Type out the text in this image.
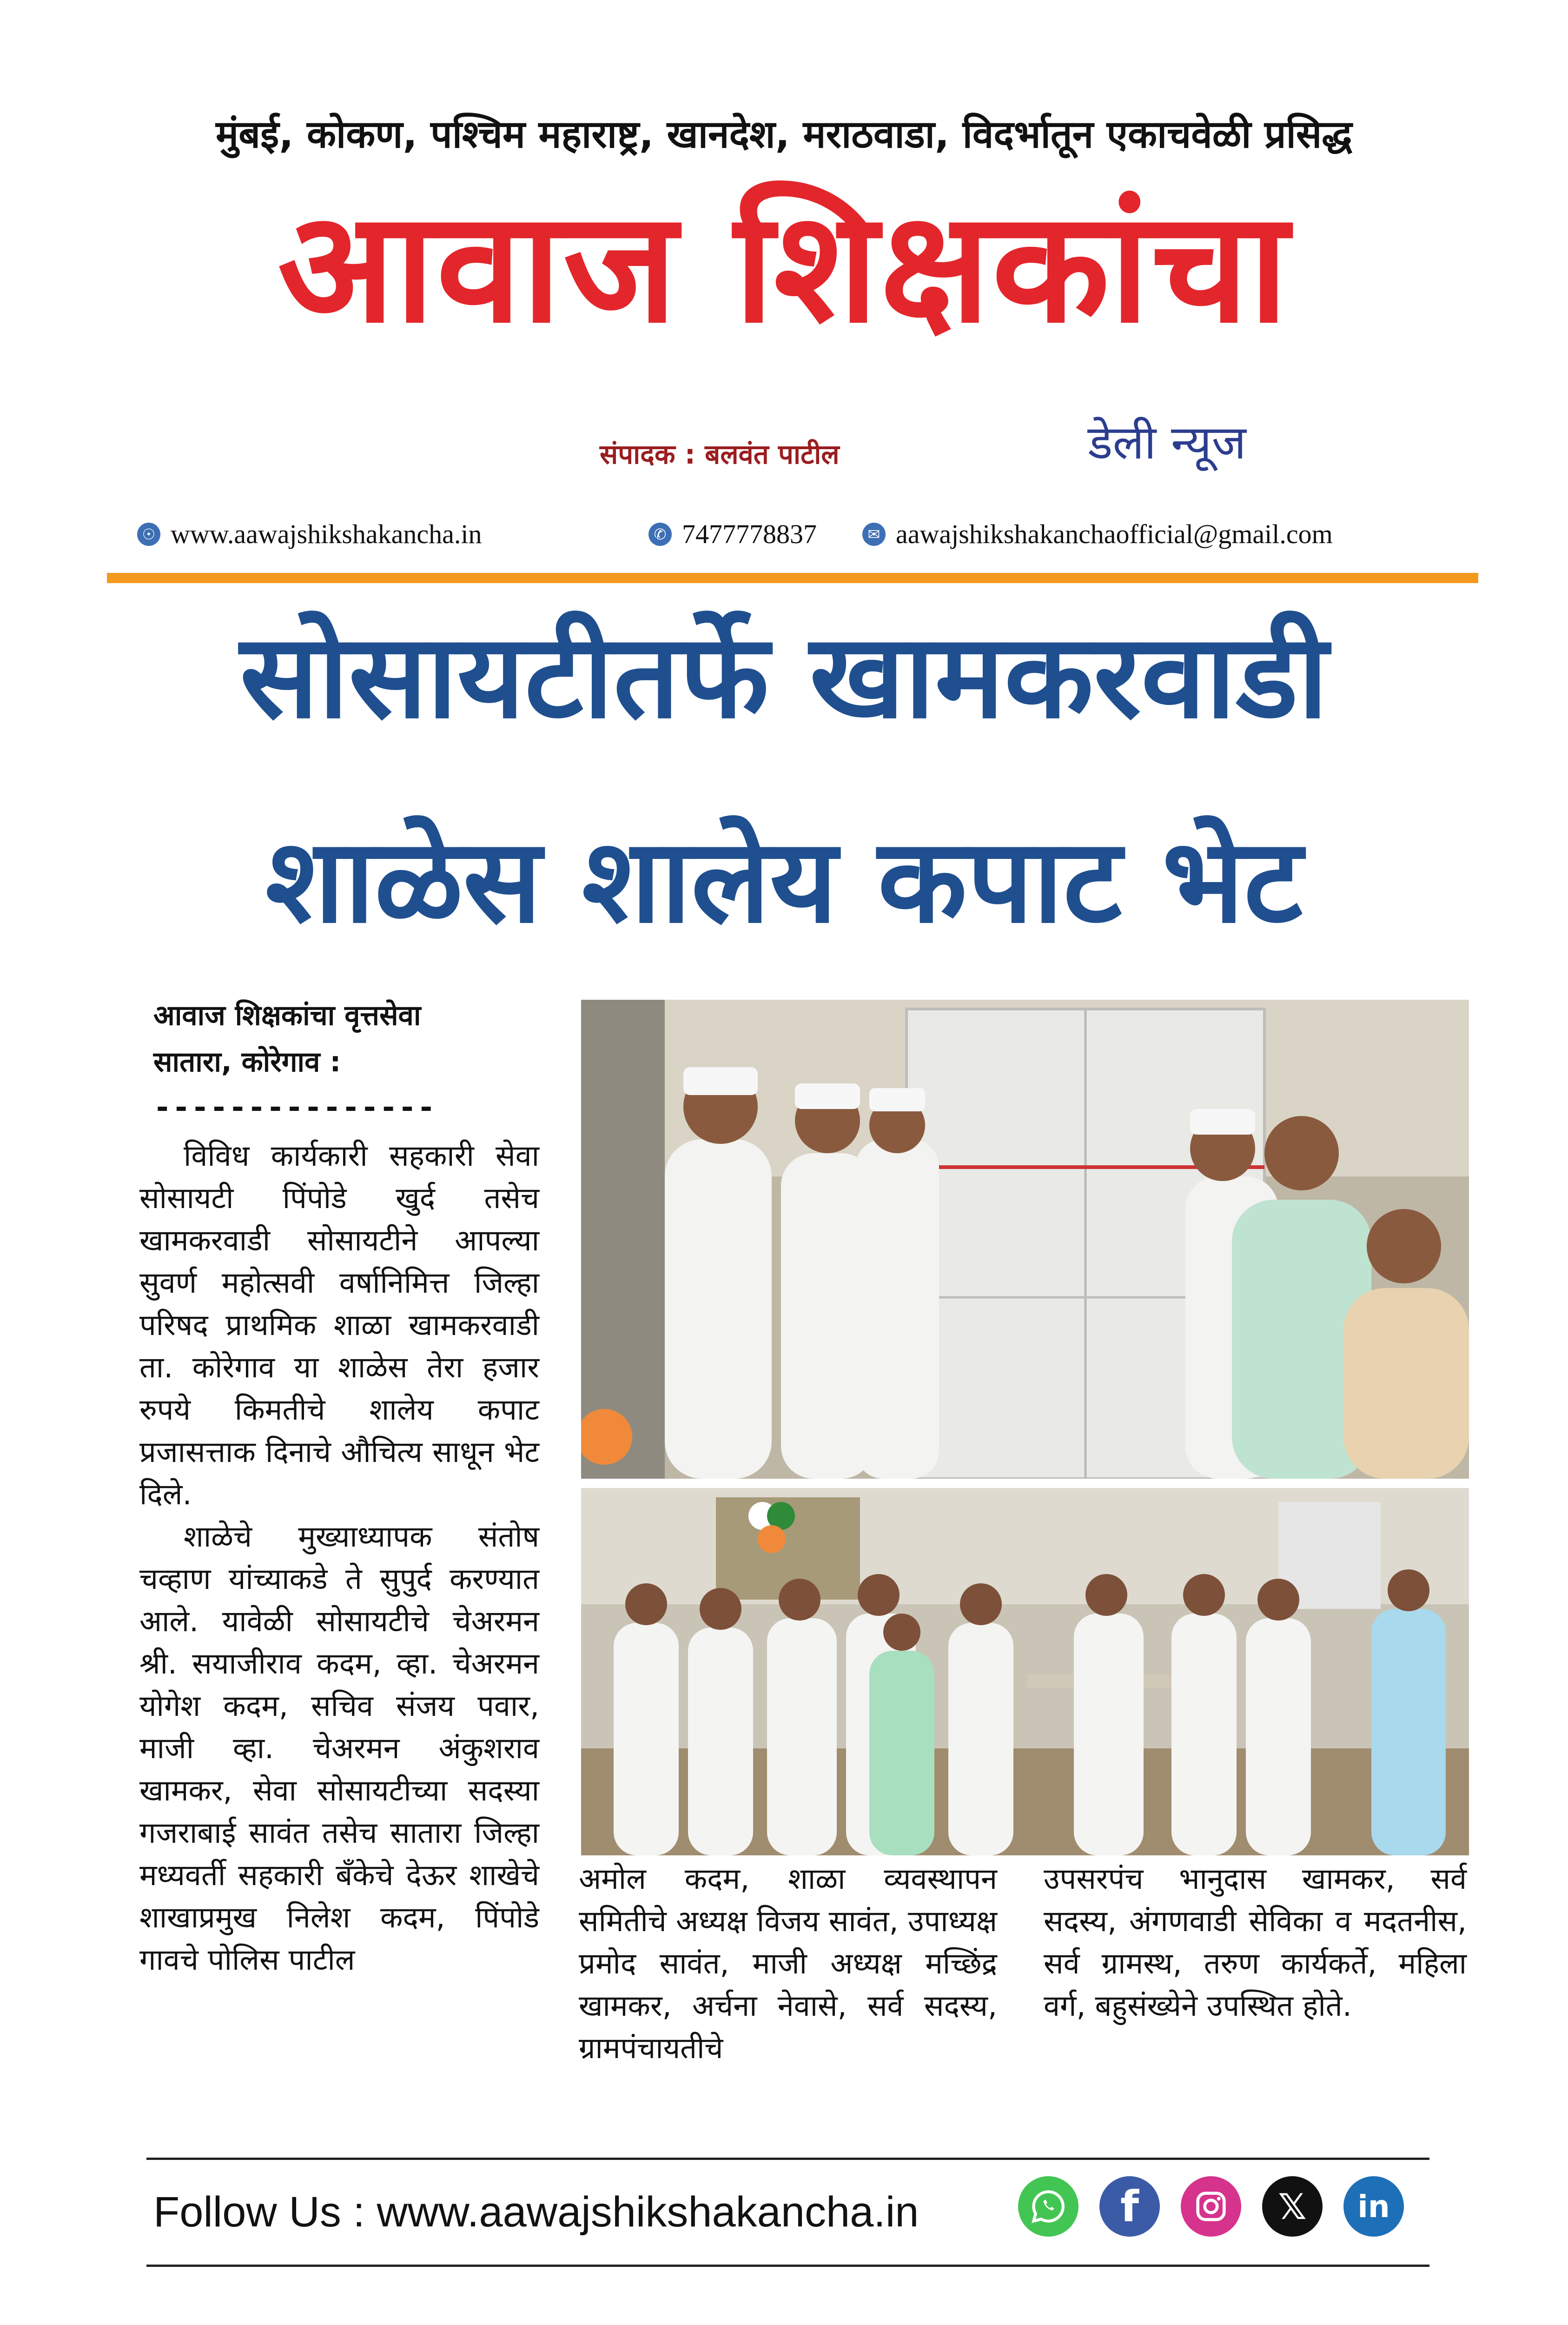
मुंबई, कोकण, पश्चिम महाराष्ट्र, खानदेश, मराठवाडा, विदर्भातून एकाचवेळी प्रसिद्ध
आवाज शिक्षकांचा
संपादक : बलवंत पाटील	डेली न्यूज
☉ www.aawajshikshakancha.in	✆ 7477778837	✉ aawajshikshakanchaofficial@gmail.com
सोसायटीतर्फे खामकरवाडी
शाळेस शालेय कपाट भेट
आवाज शिक्षकांचा वृत्तसेवा
सातारा, कोरेगाव :
---------------

विविध कार्यकारी सहकारी सेवा सोसायटी पिंपोडे खुर्द तसेच खामकरवाडी सोसायटीने आपल्या सुवर्ण महोत्सवी वर्षानिमित्त जिल्हा परिषद प्राथमिक शाळा खामकरवाडी ता. कोरेगाव या शाळेस तेरा हजार रुपये किमतीचे शालेय कपाट प्रजासत्ताक दिनाचे औचित्य साधून भेट दिले.

शाळेचे मुख्याध्यापक संतोष चव्हाण यांच्याकडे ते सुपुर्द करण्यात आले. यावेळी सोसायटीचे चेअरमन श्री. सयाजीराव कदम, व्हा. चेअरमन योगेश कदम, सचिव संजय पवार, माजी व्हा. चेअरमन अंकुशराव खामकर, सेवा सोसायटीच्या सदस्या गजराबाई सावंत तसेच सातारा जिल्हा मध्यवर्ती सहकारी बँकेचे देऊर शाखेचे शाखाप्रमुख निलेश कदम, पिंपोडे गावचे पोलिस पाटील

अमोल कदम, शाळा व्यवस्थापन समितीचे अध्यक्ष विजय सावंत, उपाध्यक्ष प्रमोद सावंत, माजी अध्यक्ष मच्छिंद्र खामकर, अर्चना नेवासे, सर्व सदस्य, ग्रामपंचायतीचे

उपसरपंच भानुदास खामकर, सर्व सदस्य, अंगणवाडी सेविका व मदतनीस, सर्व ग्रामस्थ, तरुण कार्यकर्ते, महिला वर्ग, बहुसंख्येने उपस्थित होते.

Follow Us : www.aawajshikshakancha.in	f	𝕏 in
